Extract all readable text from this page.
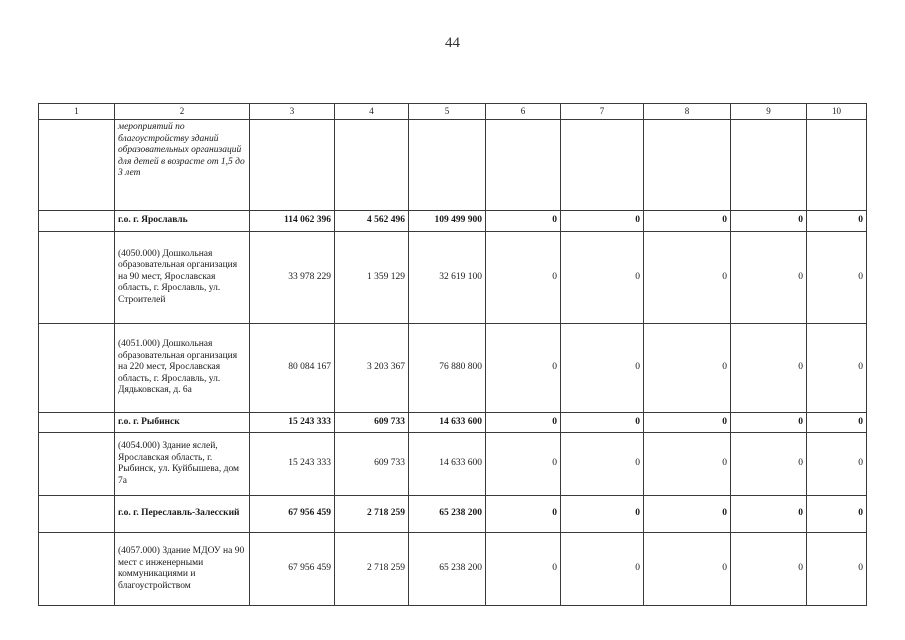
44
1	2	3	4	5	6	7	8	9	10
	мероприятий по благоустройству зданий образовательных организаций для детей в возрасте от 1,5 до 3 лет								
	г.о. г. Ярославль	114 062 396	4 562 496	109 499 900	0	0	0	0	0
	(4050.000) Дошкольная образовательная организация на 90 мест, Ярославская область, г. Ярославль, ул. Строителей	33 978 229	1 359 129	32 619 100	0	0	0	0	0
	(4051.000) Дошкольная образовательная организация на 220 мест, Ярославская область, г. Ярославль, ул. Дядьковская, д. 6а	80 084 167	3 203 367	76 880 800	0	0	0	0	0
	г.о. г. Рыбинск	15 243 333	609 733	14 633 600	0	0	0	0	0
	(4054.000) Здание яслей, Ярославская область, г. Рыбинск, ул. Куйбышева, дом 7а	15 243 333	609 733	14 633 600	0	0	0	0	0
	г.о. г. Переславль-Залесский	67 956 459	2 718 259	65 238 200	0	0	0	0	0
	(4057.000) Здание МДОУ на 90 мест с инженерными коммуникациями и благоустройством	67 956 459	2 718 259	65 238 200	0	0	0	0	0
